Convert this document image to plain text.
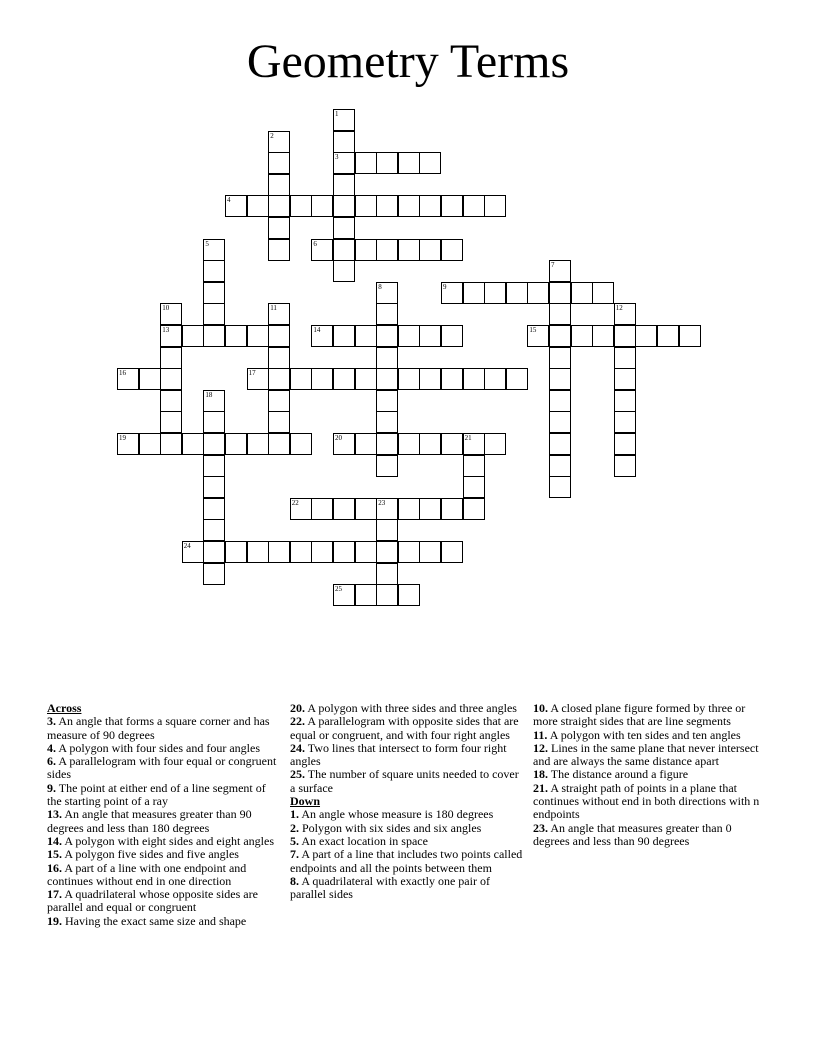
Geometry Terms
1
3
2
4
5	6
7
8	9
10
13
11	12
14	15
16	17
18
19	20	21
22	23
24
25
Across
3. An angle that forms a square corner and has measure of 90 degrees
4. A polygon with four sides and four angles
6. A parallelogram with four equal or congruent sides
9. The point at either end of a line segment of the starting point of a ray
13. An angle that measures greater than 90 degrees and less than 180 degrees
14. A polygon with eight sides and eight angles
15. A polygon five sides and five angles
16. A part of a line with one endpoint and continues without end in one direction
17. A quadrilateral whose opposite sides are parallel and equal or congruent
19. Having the exact same size and shape
20. A polygon with three sides and three angles
22. A parallelogram with opposite sides that are equal or congruent, and with four right angles
24. Two lines that intersect to form four right angles
25. The number of square units needed to cover a surface
Down
1. An angle whose measure is 180 degrees
2. Polygon with six sides and six angles
5. An exact location in space
7. A part of a line that includes two points called endpoints and all the points between them
8. A quadrilateral with exactly one pair of parallel sides
10. A closed plane figure formed by three or more straight sides that are line segments
11. A polygon with ten sides and ten angles
12. Lines in the same plane that never intersect and are always the same distance apart
18. The distance around a figure
21. A straight path of points in a plane that continues without end in both directions with n endpoints
23. An angle that measures greater than 0 degrees and less than 90 degrees
